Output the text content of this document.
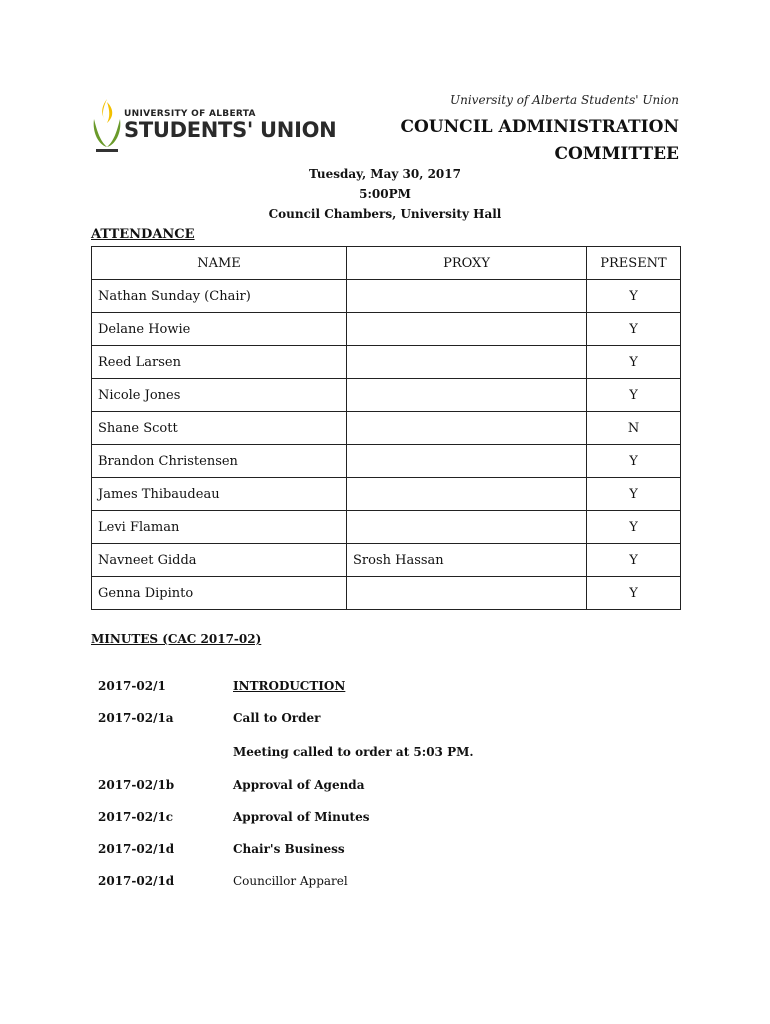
UNIVERSITY OF ALBERTA
STUDENTS' UNION
University of Alberta Students' Union
COUNCIL ADMINISTRATION
COMMITTEE
Tuesday, May 30, 2017
5:00PM
Council Chambers, University Hall
ATTENDANCE
NAME	PROXY	PRESENT
Nathan Sunday (Chair)		Y
Delane Howie		Y
Reed Larsen		Y
Nicole Jones		Y
Shane Scott		N
Brandon Christensen		Y
James Thibaudeau		Y
Levi Flaman		Y
Navneet Gidda	Srosh Hassan	Y
Genna Dipinto		Y
MINUTES (CAC 2017-02)
2017-02/1	INTRODUCTION
2017-02/1a	Call to Order
Meeting called to order at 5:03 PM.
2017-02/1b	Approval of Agenda
2017-02/1c	Approval of Minutes
2017-02/1d	Chair's Business
2017-02/1d	Councillor Apparel
